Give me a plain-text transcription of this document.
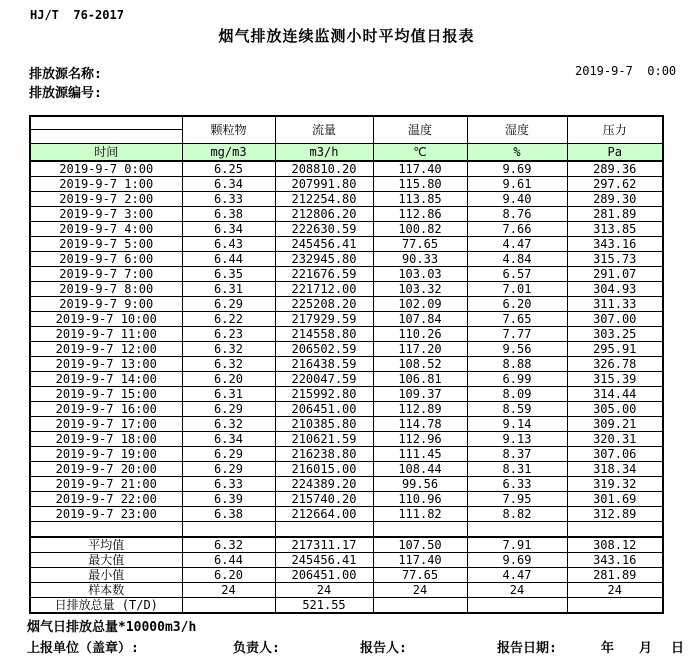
HJ/T  76-2017
烟气排放连续监测小时平均值日报表
排放源名称:
排放源编号:
2019-9-7  0:00
	颗粒物	流量	温度	湿度	压力
时间	mg/m3	m3/h	℃	%	Pa
2019-9-7 0:00	6.25	208810.20	117.40	9.69	289.36
2019-9-7 1:00	6.34	207991.80	115.80	9.61	297.62
2019-9-7 2:00	6.33	212254.80	113.85	9.40	289.30
2019-9-7 3:00	6.38	212806.20	112.86	8.76	281.89
2019-9-7 4:00	6.34	222630.59	100.82	7.66	313.85
2019-9-7 5:00	6.43	245456.41	77.65	4.47	343.16
2019-9-7 6:00	6.44	232945.80	90.33	4.84	315.73
2019-9-7 7:00	6.35	221676.59	103.03	6.57	291.07
2019-9-7 8:00	6.31	221712.00	103.32	7.01	304.93
2019-9-7 9:00	6.29	225208.20	102.09	6.20	311.33
2019-9-7 10:00	6.22	217929.59	107.84	7.65	307.00
2019-9-7 11:00	6.23	214558.80	110.26	7.77	303.25
2019-9-7 12:00	6.32	206502.59	117.20	9.56	295.91
2019-9-7 13:00	6.32	216438.59	108.52	8.88	326.78
2019-9-7 14:00	6.20	220047.59	106.81	6.99	315.39
2019-9-7 15:00	6.31	215992.80	109.37	8.09	314.44
2019-9-7 16:00	6.29	206451.00	112.89	8.59	305.00
2019-9-7 17:00	6.32	210385.80	114.78	9.14	309.21
2019-9-7 18:00	6.34	210621.59	112.96	9.13	320.31
2019-9-7 19:00	6.29	216238.80	111.45	8.37	307.06
2019-9-7 20:00	6.29	216015.00	108.44	8.31	318.34
2019-9-7 21:00	6.33	224389.20	99.56	6.33	319.32
2019-9-7 22:00	6.39	215740.20	110.96	7.95	301.69
2019-9-7 23:00	6.38	212664.00	111.82	8.82	312.89

平均值	6.32	217311.17	107.50	7.91	308.12
最大值	6.44	245456.41	117.40	9.69	343.16
最小值	6.20	206451.00	77.65	4.47	281.89
样本数	24	24	24	24	24
日排放总量 (T/D)		521.55			
烟气日排放总量*10000m3/h
上报单位（盖章）:	负责人:	报告人:	报告日期:	年 月 日
